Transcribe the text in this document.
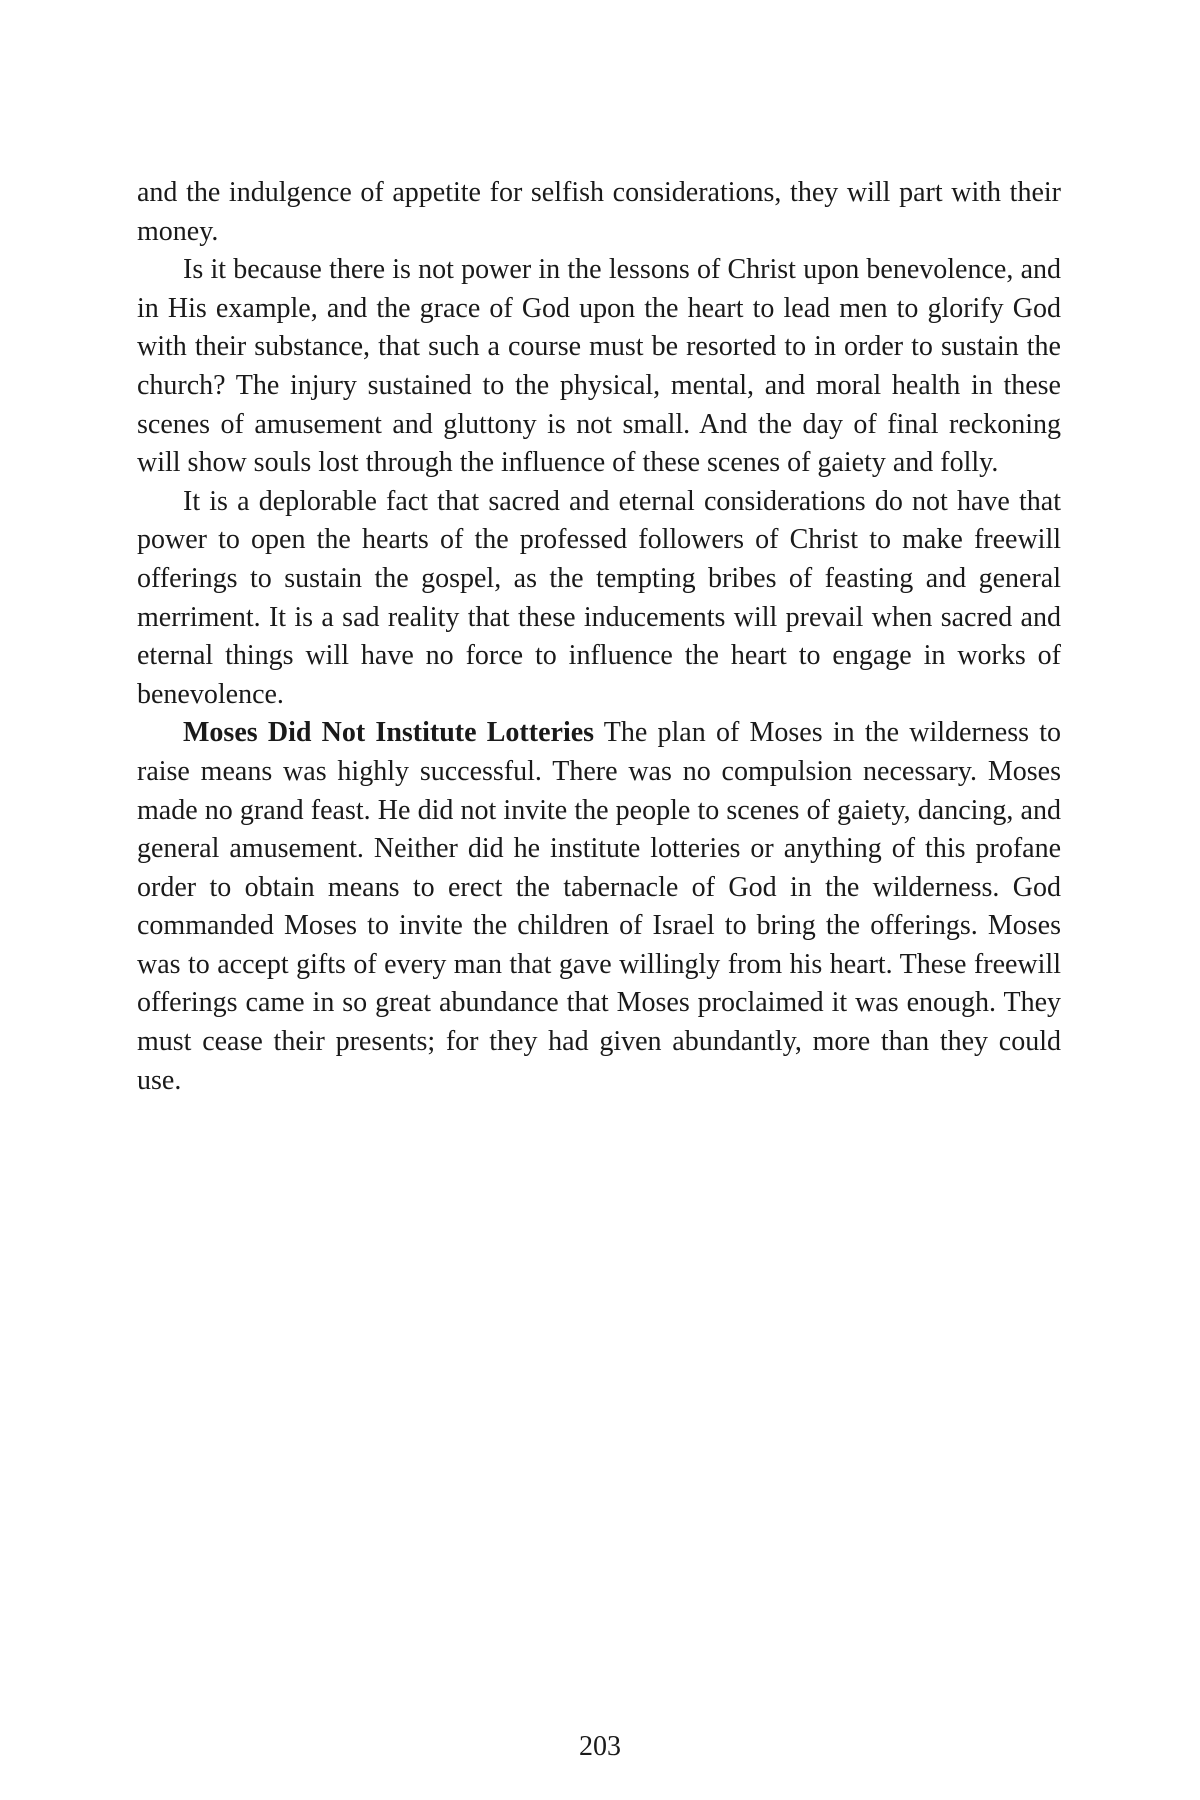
and the indulgence of appetite for selfish considerations, they will part with their money.

Is it because there is not power in the lessons of Christ upon benevolence, and in His example, and the grace of God upon the heart to lead men to glorify God with their substance, that such a course must be resorted to in order to sustain the church? The injury sustained to the physical, mental, and moral health in these scenes of amusement and gluttony is not small. And the day of final reckoning will show souls lost through the influence of these scenes of gaiety and folly.

It is a deplorable fact that sacred and eternal considerations do not have that power to open the hearts of the professed followers of Christ to make freewill offerings to sustain the gospel, as the tempting bribes of feasting and general merriment. It is a sad reality that these inducements will prevail when sacred and eternal things will have no force to influence the heart to engage in works of benevolence.

Moses Did Not Institute Lotteries The plan of Moses in the wilderness to raise means was highly successful. There was no compulsion necessary. Moses made no grand feast. He did not invite the people to scenes of gaiety, dancing, and general amusement. Neither did he institute lotteries or anything of this profane order to obtain means to erect the tabernacle of God in the wilderness. God commanded Moses to invite the children of Israel to bring the offerings. Moses was to accept gifts of every man that gave willingly from his heart. These freewill offerings came in so great abundance that Moses proclaimed it was enough. They must cease their presents; for they had given abundantly, more than they could use.

203
